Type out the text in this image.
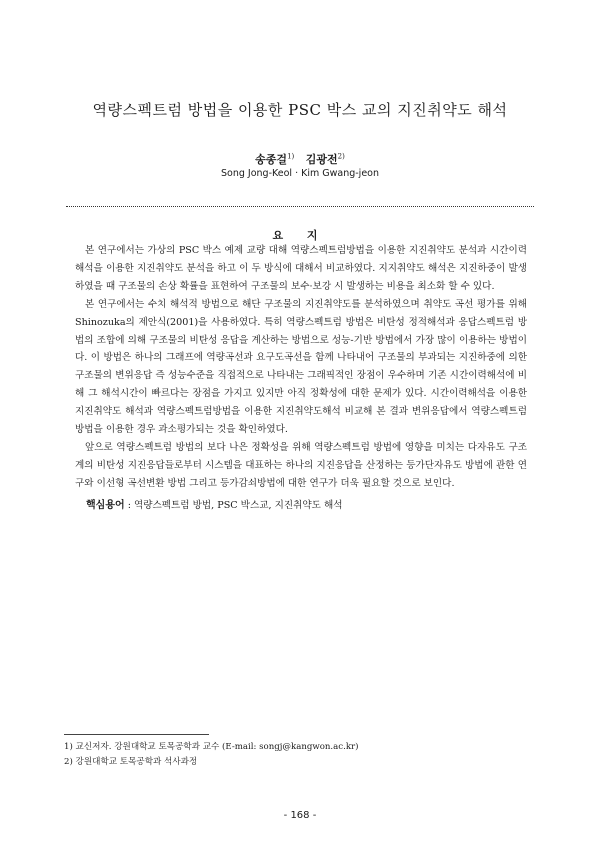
역량스펙트럼 방법을 이용한 PSC 박스 교의 지진취약도 해석
송종걸$^{1)}$ 김광전$^{2)}$
Song Jong-Keol · Kim Gwang-jeon
요 지

본 연구에서는 가상의 PSC 박스 예제 교량 대해 역량스펙트럼방법을 이용한 지진취약도 분석과 시간이력해석을 이용한 지진취약도 분석을 하고 이 두 방식에 대해서 비교하였다. 지지취약도 해석은 지진하중이 발생하였을 때 구조물의 손상 확률을 표현하여 구조물의 보수·보강 시 발생하는 비용을 최소화 할 수 있다.

본 연구에서는 수치 해석적 방법으로 해단 구조물의 지진취약도를 분석하였으며 취약도 곡선 평가를 위해 Shinozuka의 제안식(2001)을 사용하였다. 특히 역량스펙트럼 방법은 비탄성 정적해석과 응답스펙트럼 방법의 조합에 의해 구조물의 비탄성 응답을 계산하는 방법으로 성능-기반 방법에서 가장 많이 이용하는 방법이다. 이 방법은 하나의 그래프에 역량곡선과 요구도곡선을 함께 나타내어 구조물의 부과되는 지진하중에 의한 구조물의 변위응답 즉 성능수준을 직접적으로 나타내는 그래픽적인 장점이 우수하며 기존 시간이력해석에 비해 그 해석시간이 빠르다는 장점을 가지고 있지만 아직 정확성에 대한 문제가 있다. 시간이력해석을 이용한 지진취약도 해석과 역량스펙트럼방법을 이용한 지진취약도해석 비교해 본 결과 변위응답에서 역량스펙트럼방법을 이용한 경우 과소평가되는 것을 확인하였다.

앞으로 역량스펙트럼 방법의 보다 나은 정확성을 위해 역량스펙트럼 방법에 영향을 미치는 다자유도 구조계의 비탄성 지진응답들로부터 시스템을 대표하는 하나의 지진응답을 산정하는 등가단자유도 방법에 관한 연구와 이선형 곡선변환 방법 그리고 등가감쇠방법에 대한 연구가 더욱 필요할 것으로 보인다.

핵심용어 : 역량스펙트럼 방법, PSC 박스교, 지진취약도 해석
1) 교신저자. 강원대학교 토목공학과 교수 (E-mail: songj@kangwon.ac.kr)
2) 강원대학교 토목공학과 석사과정
- 168 -
